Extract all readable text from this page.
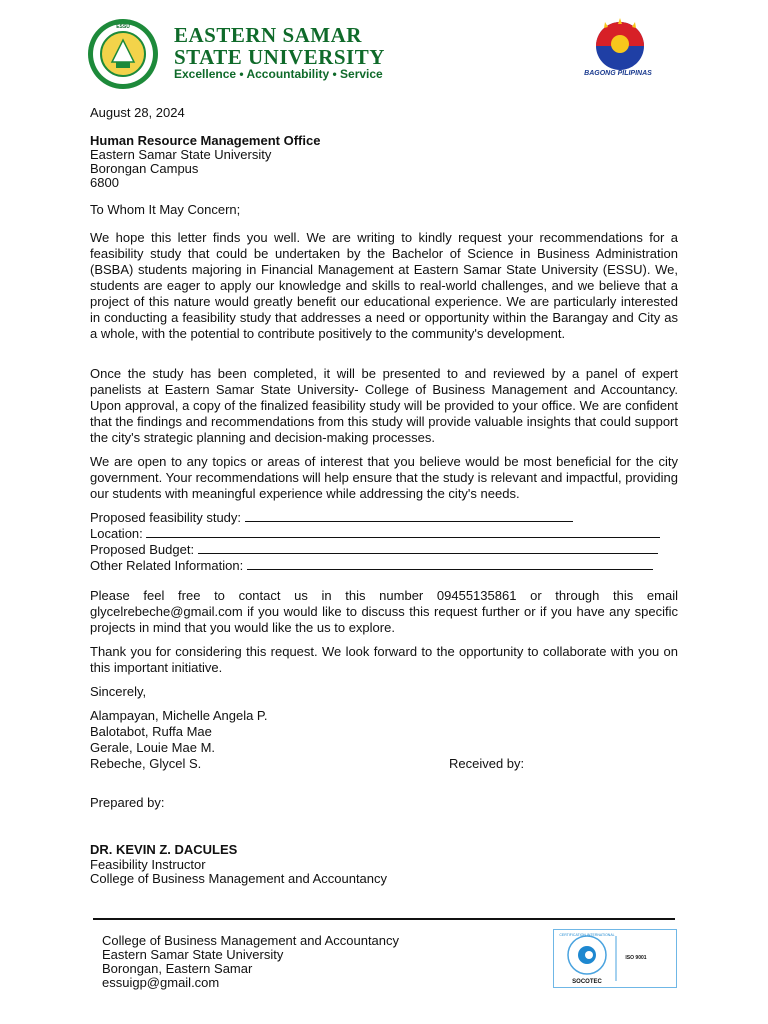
ESSU EASTERN SAMAR
STATE UNIVERSITY
Excellence • Accountability • Service	BAGONG PILIPINAS
August 28, 2024
Human Resource Management Office
Eastern Samar State University
Borongan Campus
6800
To Whom It May Concern;
We hope this letter finds you well. We are writing to kindly request your recommendations for a feasibility study that could be undertaken by the Bachelor of Science in Business Administration (BSBA) students majoring in Financial Management at Eastern Samar State University (ESSU). We, students are eager to apply our knowledge and skills to real-world challenges, and we believe that a project of this nature would greatly benefit our educational experience. We are particularly interested in conducting a feasibility study that addresses a need or opportunity within the Barangay and City as a whole, with the potential to contribute positively to the community's development.
Once the study has been completed, it will be presented to and reviewed by a panel of expert panelists at Eastern Samar State University- College of Business Management and Accountancy. Upon approval, a copy of the finalized feasibility study will be provided to your office. We are confident that the findings and recommendations from this study will provide valuable insights that could support the city's strategic planning and decision-making processes.
We are open to any topics or areas of interest that you believe would be most beneficial for the city government. Your recommendations will help ensure that the study is relevant and impactful, providing our students with meaningful experience while addressing the city's needs.
Proposed feasibility study:
Location:
Proposed Budget:
Other Related Information:
Please feel free to contact us in this number 09455135861 or through this email glycelrebeche@gmail.com if you would like to discuss this request further or if you have any specific projects in mind that you would like the us to explore.
Thank you for considering this request. We look forward to the opportunity to collaborate with you on this important initiative.
Sincerely,
Alampayan, Michelle Angela P.
Balotabot, Ruffa Mae
Gerale, Louie Mae M.
Rebeche, Glycel S.	Received by:
Prepared by:
DR. KEVIN Z. DACULES
Feasibility Instructor
College of Business Management and Accountancy
College of Business Management and Accountancy
Eastern Samar State University
Borongan, Eastern Samar
essuigp@gmail.com
CERTIFICATION INTERNATIONAL
SOCOTEC
ISO 9001
